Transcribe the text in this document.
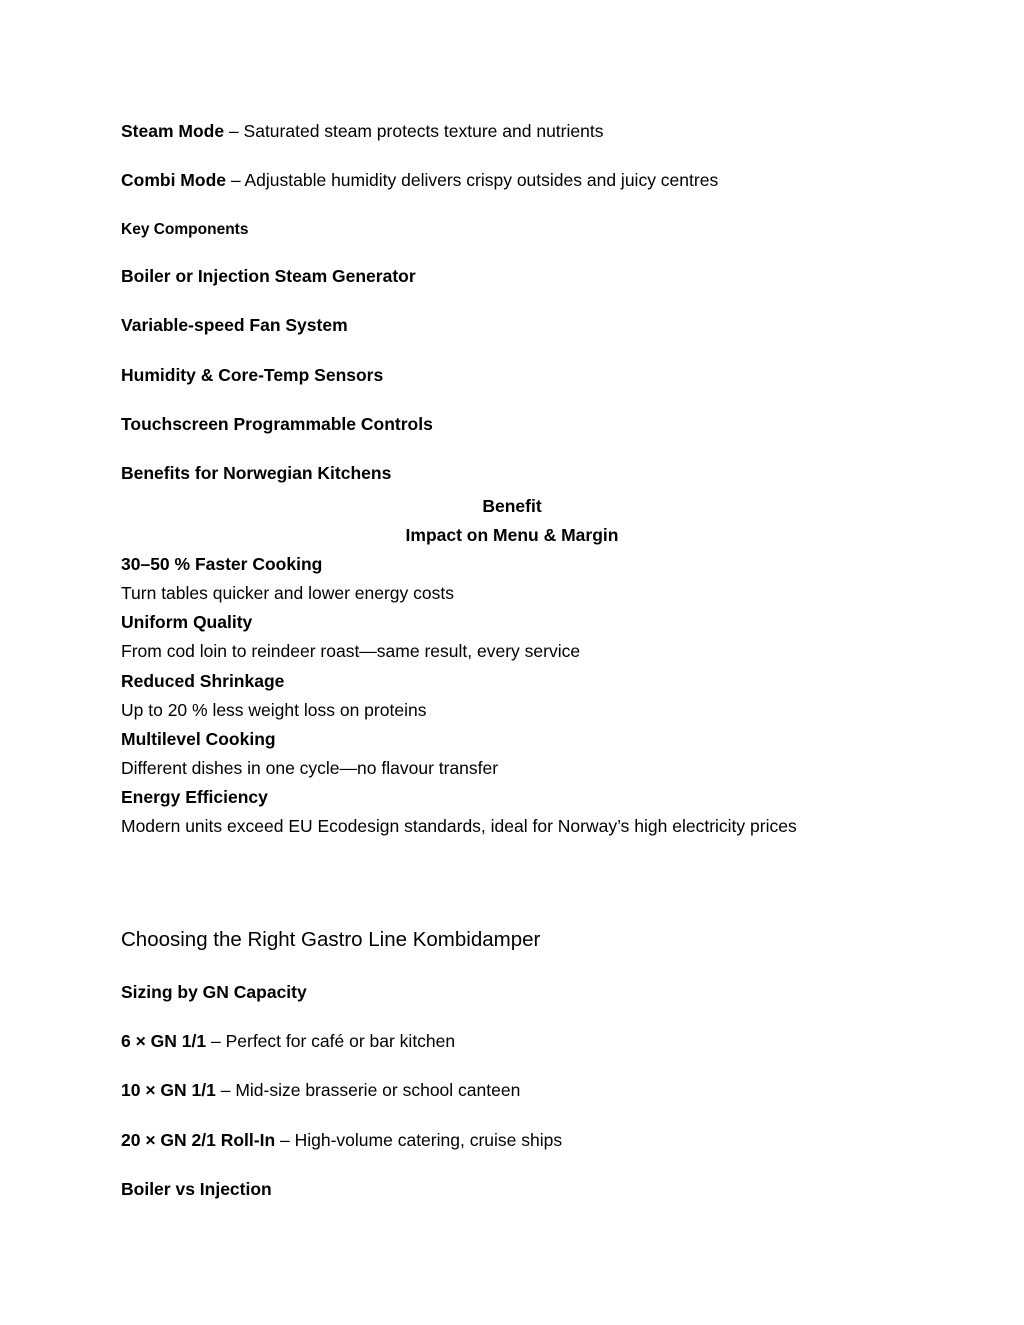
Steam Mode – Saturated steam protects texture and nutrients
Combi Mode – Adjustable humidity delivers crispy outsides and juicy centres
Key Components
Boiler or Injection Steam Generator
Variable-speed Fan System
Humidity & Core-Temp Sensors
Touchscreen Programmable Controls
Benefits for Norwegian Kitchens
Benefit
Impact on Menu & Margin
30–50 % Faster Cooking
Turn tables quicker and lower energy costs
Uniform Quality
From cod loin to reindeer roast—same result, every service
Reduced Shrinkage
Up to 20 % less weight loss on proteins
Multilevel Cooking
Different dishes in one cycle—no flavour transfer
Energy Efficiency
Modern units exceed EU Ecodesign standards, ideal for Norway’s high electricity prices
Choosing the Right Gastro Line Kombidamper
Sizing by GN Capacity
6 × GN 1/1 – Perfect for café or bar kitchen
10 × GN 1/1 – Mid-size brasserie or school canteen
20 × GN 2/1 Roll-In – High-volume catering, cruise ships
Boiler vs Injection
